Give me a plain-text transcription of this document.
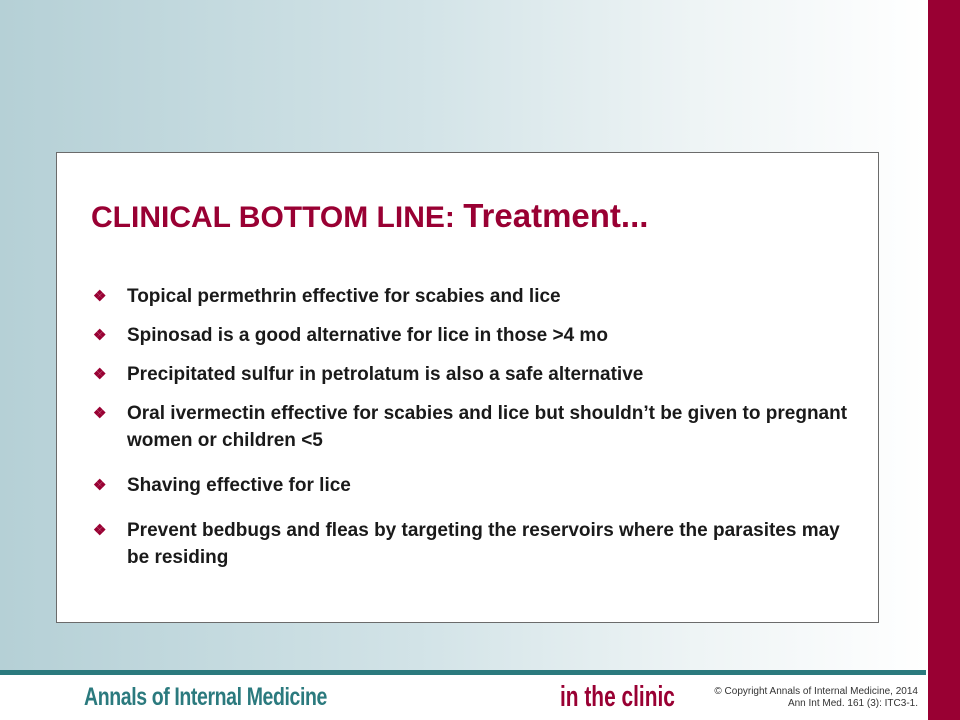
CLINICAL BOTTOM LINE: Treatment...
❖ Topical permethrin effective for scabies and lice
❖ Spinosad is a good alternative for lice in those >4 mo
❖ Precipitated sulfur in petrolatum is also a safe alternative
❖ Oral ivermectin effective for scabies and lice but shouldn’t be given to pregnant women or children <5
❖ Shaving effective for lice
❖ Prevent bedbugs and fleas by targeting the reservoirs where the parasites may be residing
Annals of Internal Medicine	in the clinic	© Copyright Annals of Internal Medicine, 2014
Ann Int Med. 161 (3): ITC3-1.
